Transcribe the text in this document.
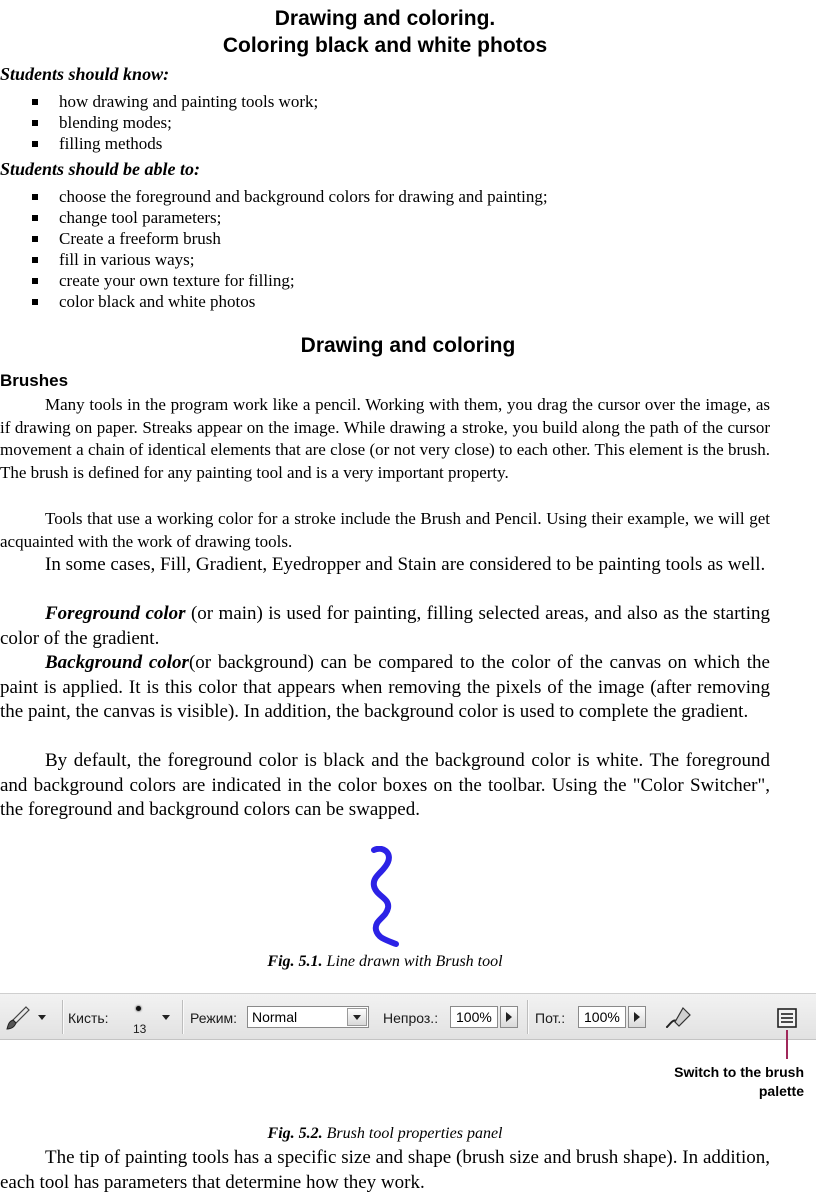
Drawing and coloring.
Coloring black and white photos
Students should know:
how drawing and painting tools work;
blending modes;
filling methods
Students should be able to:
choose the foreground and background colors for drawing and painting;
change tool parameters;
Create a freeform brush
fill in various ways;
create your own texture for filling;
color black and white photos
Drawing and coloring
Brushes

Many tools in the program work like a pencil. Working with them, you drag the cursor over the image, as if drawing on paper. Streaks appear on the image. While drawing a stroke, you build along the path of the cursor movement a chain of identical elements that are close (or not very close) to each other. This element is the brush. The brush is defined for any painting tool and is a very important property.

Tools that use a working color for a stroke include the Brush and Pencil. Using their example, we will get acquainted with the work of drawing tools.

In some cases, Fill, Gradient, Eyedropper and Stain are considered to be painting tools as well.

Foreground color (or main) is used for painting, filling selected areas, and also as the starting color of the gradient.

Background color(or background) can be compared to the color of the canvas on which the paint is applied. It is this color that appears when removing the pixels of the image (after removing the paint, the canvas is visible). In addition, the background color is used to complete the gradient.

By default, the foreground color is black and the background color is white. The foreground and background colors are indicated in the color boxes on the toolbar. Using the "Color Switcher", the foreground and background colors can be swapped.

Fig. 5.1. Line drawn with Brush tool
Кисть:
13
Режим:	Normal	Непроз.:	100%	Пот.:	100%
Switch to the brush
palette
Fig. 5.2. Brush tool properties panel

The tip of painting tools has a specific size and shape (brush size and brush shape). In addition, each tool has parameters that determine how they work.
